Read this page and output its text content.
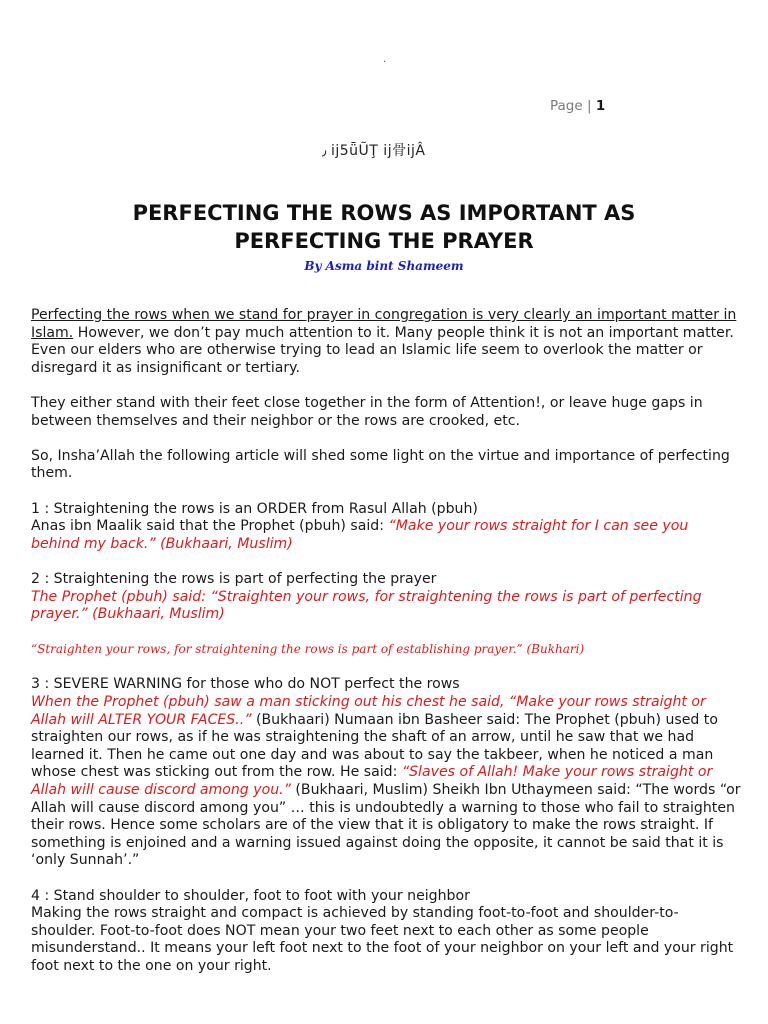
·
Page | 1
٫ ij5ǖŨŢ ij骨ijÂ
PERFECTING THE ROWS AS IMPORTANT AS
PERFECTING THE PRAYER
By Asma bint Shameem

Perfecting the rows when we stand for prayer in congregation is very clearly an important matter in Islam. However, we don’t pay much attention to it. Many people think it is not an important matter. Even our elders who are otherwise trying to lead an Islamic life seem to overlook the matter or disregard it as insignificant or tertiary.

They either stand with their feet close together in the form of Attention!, or leave huge gaps in between themselves and their neighbor or the rows are crooked, etc.

So, Insha’Allah the following article will shed some light on the virtue and importance of perfecting them.

1 : Straightening the rows is an ORDER from Rasul Allah (pbuh)
Anas ibn Maalik said that the Prophet (pbuh) said: “Make your rows straight for I can see you behind my back.” (Bukhaari, Muslim)

2 : Straightening the rows is part of perfecting the prayer
The Prophet (pbuh) said: “Straighten your rows, for straightening the rows is part of perfecting prayer.” (Bukhaari, Muslim)

“Straighten your rows, for straightening the rows is part of establishing prayer.” (Bukhari)

3 : SEVERE WARNING for those who do NOT perfect the rows
When the Prophet (pbuh) saw a man sticking out his chest he said, “Make your rows straight or Allah will ALTER YOUR FACES..” (Bukhaari) Numaan ibn Basheer said: The Prophet (pbuh) used to straighten our rows, as if he was straightening the shaft of an arrow, until he saw that we had learned it. Then he came out one day and was about to say the takbeer, when he noticed a man whose chest was sticking out from the row. He said: “Slaves of Allah! Make your rows straight or Allah will cause discord among you.” (Bukhaari, Muslim) Sheikh Ibn Uthaymeen said: “The words “or Allah will cause discord among you” … this is undoubtedly a warning to those who fail to straighten their rows. Hence some scholars are of the view that it is obligatory to make the rows straight. If something is enjoined and a warning issued against doing the opposite, it cannot be said that it is ‘only Sunnah’.”

4 : Stand shoulder to shoulder, foot to foot with your neighbor
Making the rows straight and compact is achieved by standing foot-to-foot and shoulder-to-shoulder. Foot-to-foot does NOT mean your two feet next to each other as some people misunderstand.. It means your left foot next to the foot of your neighbor on your left and your right foot next to the one on your right.
